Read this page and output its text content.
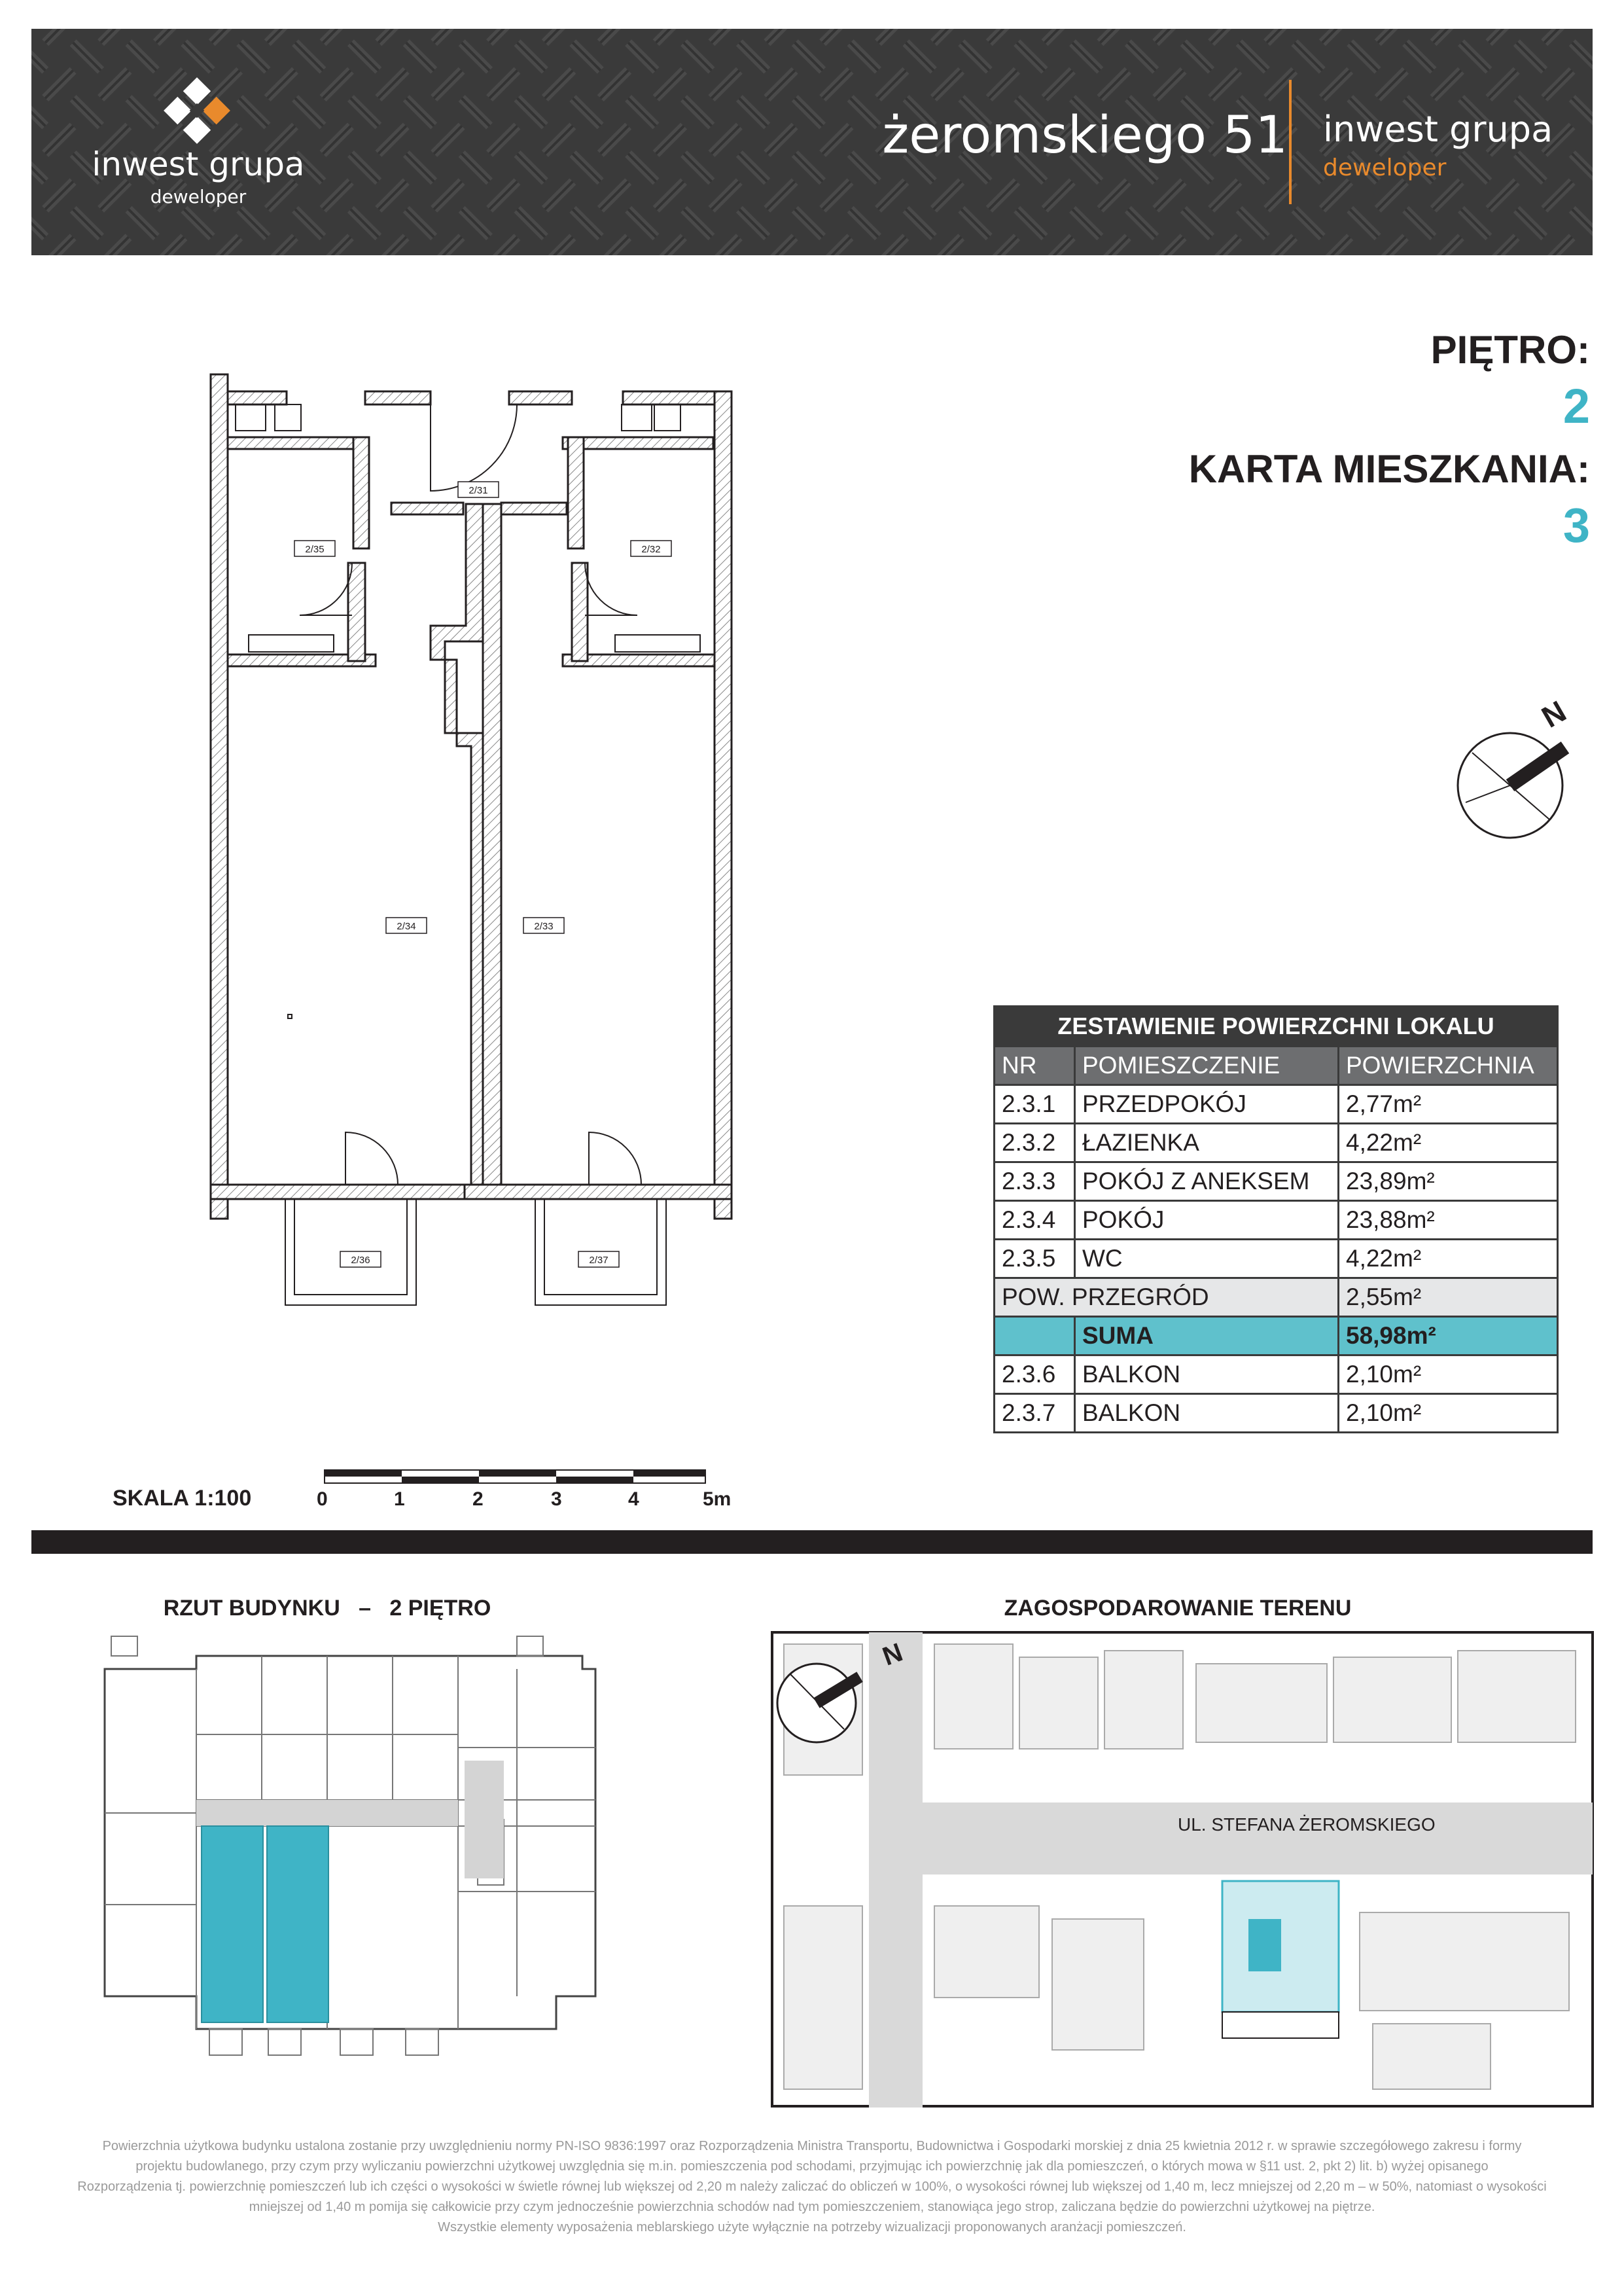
inwest grupa
deweloper
żeromskiego 51 inwest grupa
deweloper
PIĘTRO:
2
KARTA MIESZKANIA:
3
N
2/31
2/32
2/33
2/34
2/35
2/36	2/37
ZESTAWIENIE POWIERZCHNI LOKALU		
NR	POMIESZCZENIE	POWIERZCHNIA
2.3.1	PRZEDPOKÓJ	2,77m²
2.3.2	ŁAZIENKA	4,22m²
2.3.3	POKÓJ Z ANEKSEM	23,89m²
2.3.4	POKÓJ	23,88m²
2.3.5	WC	4,22m²
POW. PRZEGRÓD		2,55m²
	SUMA	58,98m²
2.3.6	BALKON	2,10m²
2.3.7	BALKON	2,10m²
SKALA 1:100	0	1	2	3	4	5m
RZUT BUDYNKU   –   2 PIĘTRO	ZAGOSPODAROWANIE TERENU
N
UL. STEFANA ŻEROMSKIEGO
Powierzchnia użytkowa budynku ustalona zostanie przy uwzględnieniu normy PN-ISO 9836:1997 oraz Rozporządzenia Ministra Transportu, Budownictwa i Gospodarki morskiej z dnia 25 kwietnia 2012 r. w sprawie szczegółowego zakresu i formy
projektu budowlanego, przy czym przy wyliczaniu powierzchni użytkowej uwzględnia się m.in. pomieszczenia pod schodami, przyjmując ich powierzchnię jak dla pomieszczeń, o których mowa w §11 ust. 2, pkt 2) lit. b) wyżej opisanego
Rozporządzenia tj. powierzchnię pomieszczeń lub ich części o wysokości w świetle równej lub większej od 2,20 m należy zaliczać do obliczeń w 100%, o wysokości równej lub większej od 1,40 m, lecz mniejszej od 2,20 m – w 50%, natomiast o wysokości
mniejszej od 1,40 m pomija się całkowicie przy czym jednocześnie powierzchnia schodów nad tym pomieszczeniem, stanowiąca jego strop, zaliczana będzie do powierzchni użytkowej na piętrze.
Wszystkie elementy wyposażenia meblarskiego użyte wyłącznie na potrzeby wizualizacji proponowanych aranżacji pomieszczeń.
